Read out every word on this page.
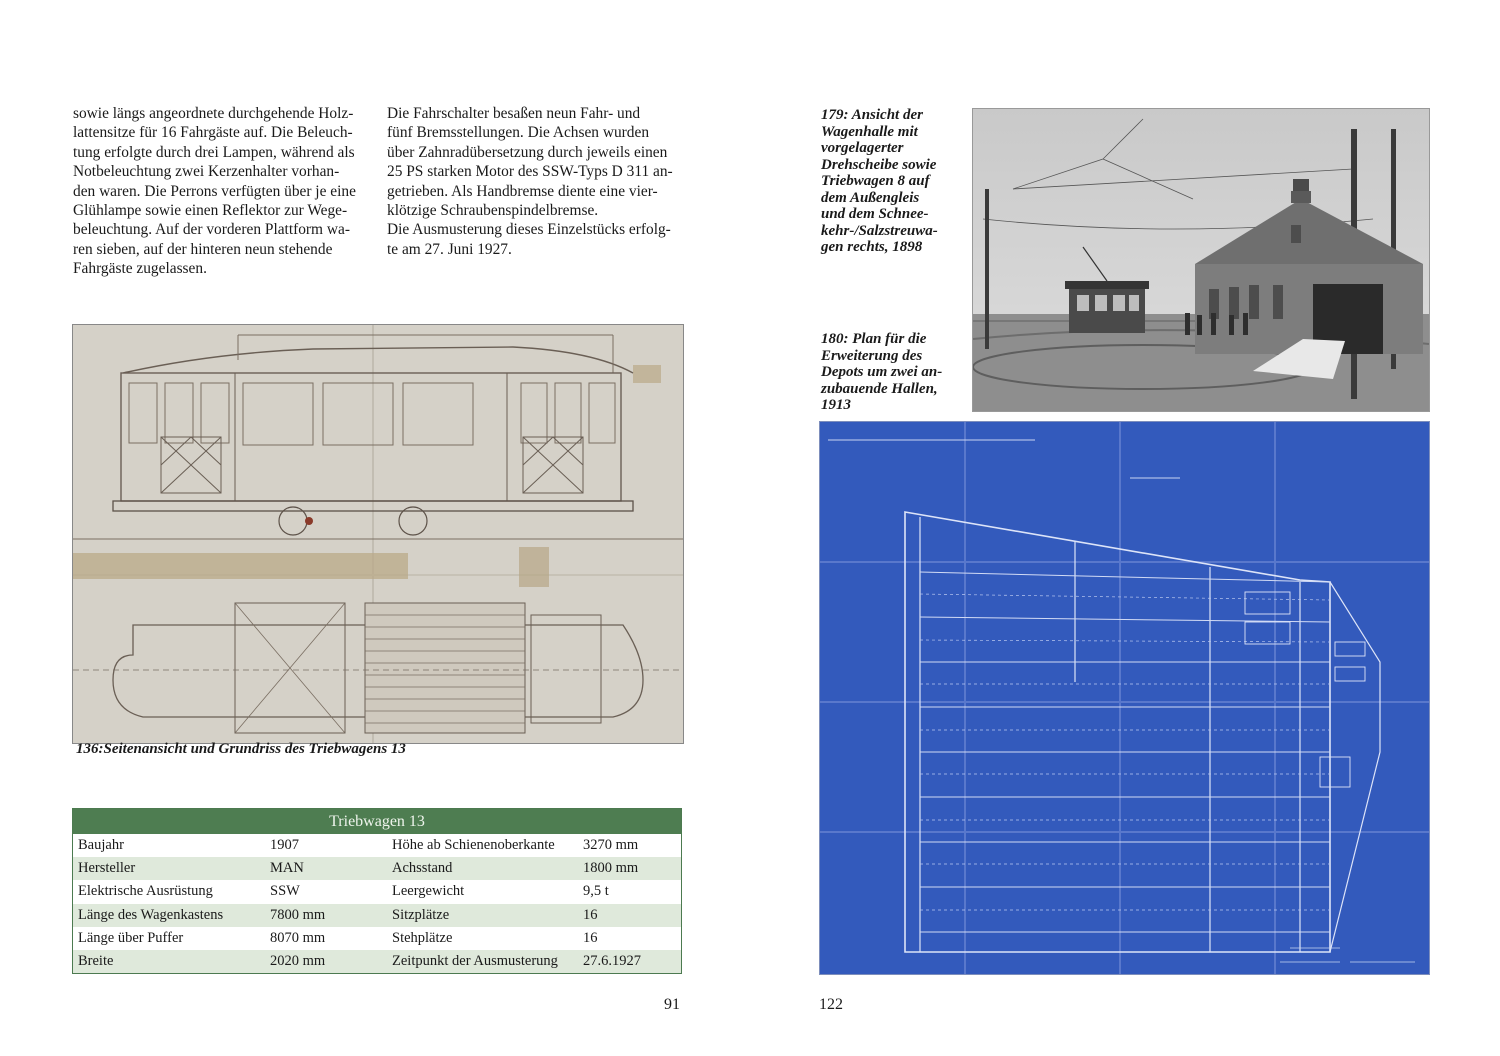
sowie längs angeordnete durchgehende Holz-

lattensitze für 16 Fahrgäste auf. Die Beleuch-

tung erfolgte durch drei Lampen, während als

Notbeleuchtung zwei Kerzenhalter vorhan-

den waren. Die Perrons verfügten über je eine

Glühlampe sowie einen Reflektor zur Wege-

beleuchtung. Auf der vorderen Plattform wa-

ren sieben, auf der hinteren neun stehende

Fahrgäste zugelassen.

Die Fahrschalter besaßen neun Fahr- und

fünf Bremsstellungen. Die Achsen wurden

über Zahnradübersetzung durch jeweils einen

25 PS starken Motor des SSW-Typs D 311 an-

getrieben. Als Handbremse diente eine vier-

klötzige Schraubenspindelbremse.

Die Ausmusterung dieses Einzelstücks erfolg-

te am 27. Juni 1927.

136:Seitenansicht und Grundriss des Triebwagens 13
Triebwagen 13
Baujahr	1907	Höhe ab Schienenoberkante	3270 mm
Hersteller	MAN	Achsstand	1800 mm
Elektrische Ausrüstung	SSW	Leergewicht	9,5 t
Länge des Wagenkastens	7800 mm	Sitzplätze	16
Länge über Puffer	8070 mm	Stehplätze	16
Breite	2020 mm	Zeitpunkt der Ausmusterung	27.6.1927
91
179: Ansicht der
Wagenhalle mit
vorgelagerter
Drehscheibe sowie
Triebwagen 8 auf
dem Außengleis
und dem Schnee-
kehr-/Salzstreuwa-
gen rechts, 1898
180: Plan für die
Erweiterung des
Depots um zwei an-
zubauende Hallen,
1913
122
